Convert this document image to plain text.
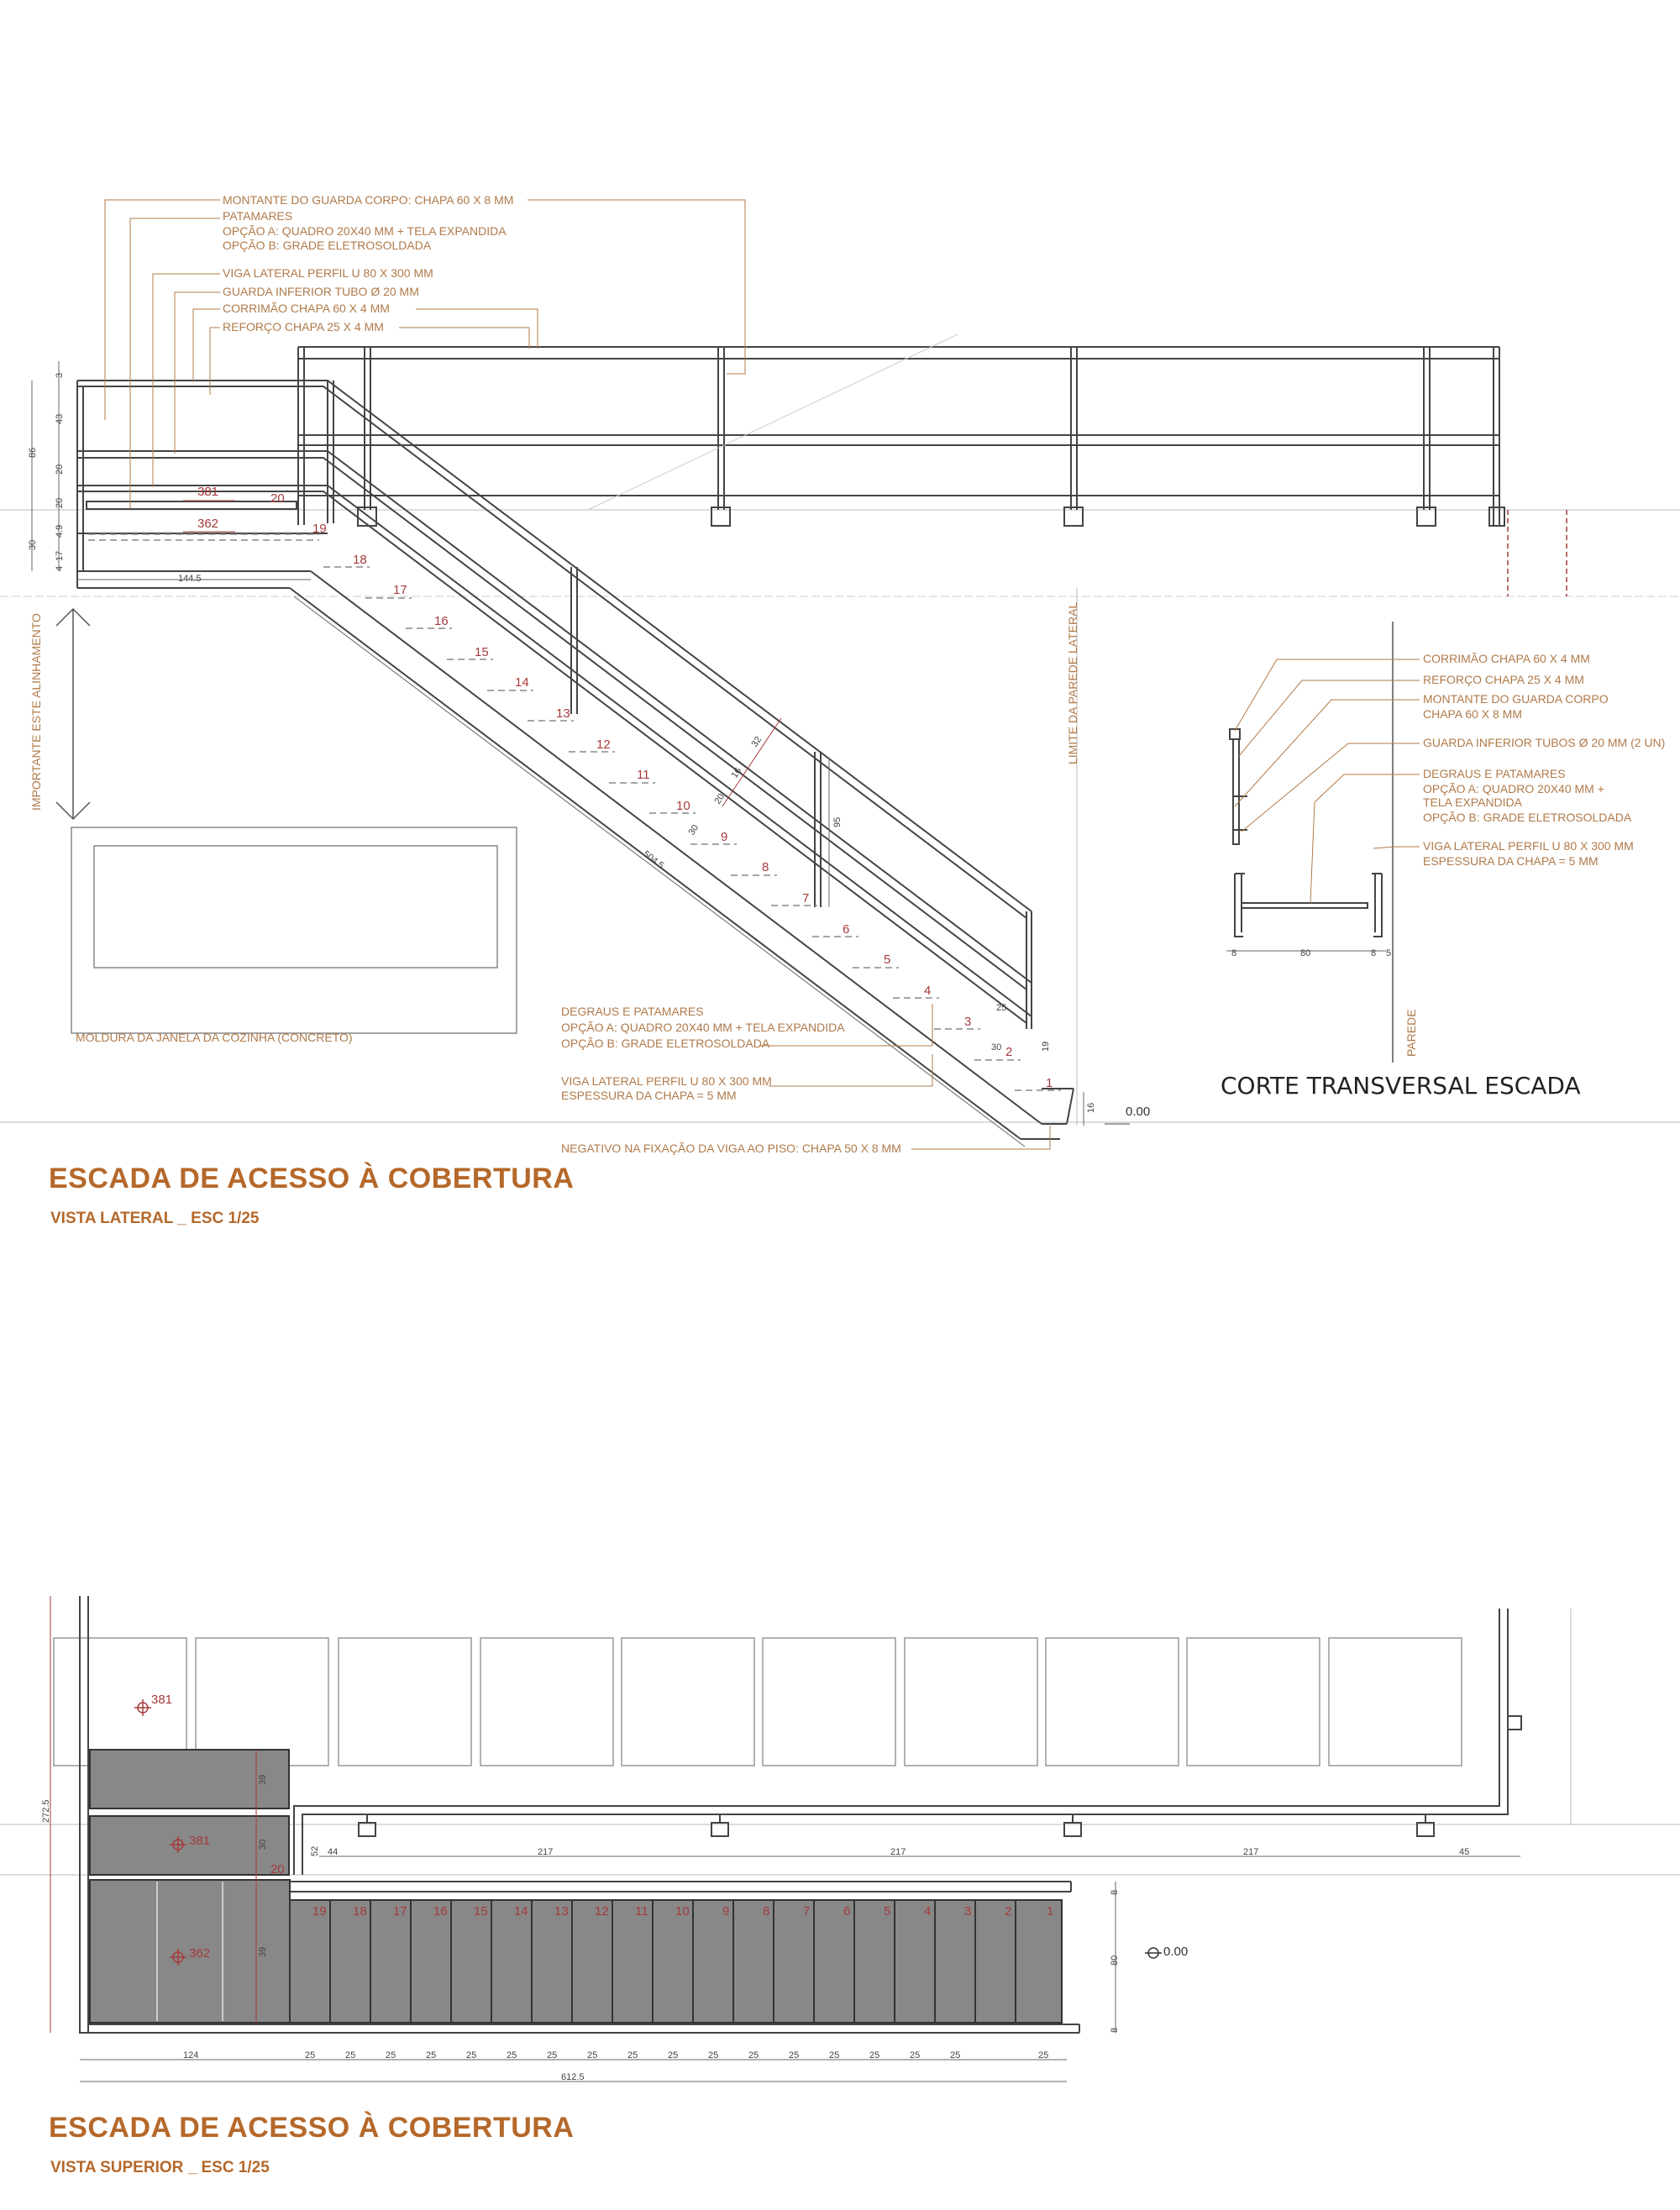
IMPORTANTE ESTE ALINHAMENTO	LIMITE DA PAREDE LATERAL
19
18
17
16
15
14
13
12
11
10
9
8
7
6
5
4
3
2
1
381
362
20
3
43
86
20
20
30
4.9
17
4
144.5
504.5
32
16
20
30
95
25
30	19
16 0.00
MOLDURA DA JANELA DA COZINHA (CONCRETO)
MONTANTE DO GUARDA CORPO: CHAPA 60 X 8 MM
PATAMARES
OPÇÃO A: QUADRO 20X40 MM + TELA EXPANDIDA
OPÇÃO B: GRADE ELETROSOLDADA
VIGA LATERAL PERFIL U 80 X 300 MM
GUARDA INFERIOR TUBO Ø 20 MM
CORRIMÃO CHAPA 60 X 4 MM
REFORÇO CHAPA 25 X 4 MM
DEGRAUS E PATAMARES
OPÇÃO A: QUADRO 20X40 MM + TELA EXPANDIDA
OPÇÃO B: GRADE ELETROSOLDADA
VIGA LATERAL PERFIL U 80 X 300 MM
ESPESSURA DA CHAPA = 5 MM
NEGATIVO NA FIXAÇÃO DA VIGA AO PISO: CHAPA 50 X 8 MM
PAREDE
8	80	8 5
CORRIMÃO CHAPA 60 X 4 MM
REFORÇO CHAPA 25 X 4 MM
MONTANTE DO GUARDA CORPO
CHAPA 60 X 8 MM
GUARDA INFERIOR TUBOS Ø 20 MM (2 UN)
DEGRAUS E PATAMARES
OPÇÃO A: QUADRO 20X40 MM +
TELA EXPANDIDA
OPÇÃO B: GRADE ELETROSOLDADA
VIGA LATERAL PERFIL U 80 X 300 MM
ESPESSURA DA CHAPA = 5 MM
19 18 17 16 15 14 13 12 11 10	9	8	7	6	5	4	3	2	1
381
381
362	0.00
39
30
39
52
20
272.5
44	217	217	217	45
8
80
8
124	25	25	25	25	25	25	25	25	25	25	25	25	25	25	25	25	25	25
612.5
ESCADA DE ACESSO À COBERTURA
VISTA LATERAL _ ESC 1/25
CORTE TRANSVERSAL ESCADA
ESCADA DE ACESSO À COBERTURA
VISTA SUPERIOR _ ESC 1/25
